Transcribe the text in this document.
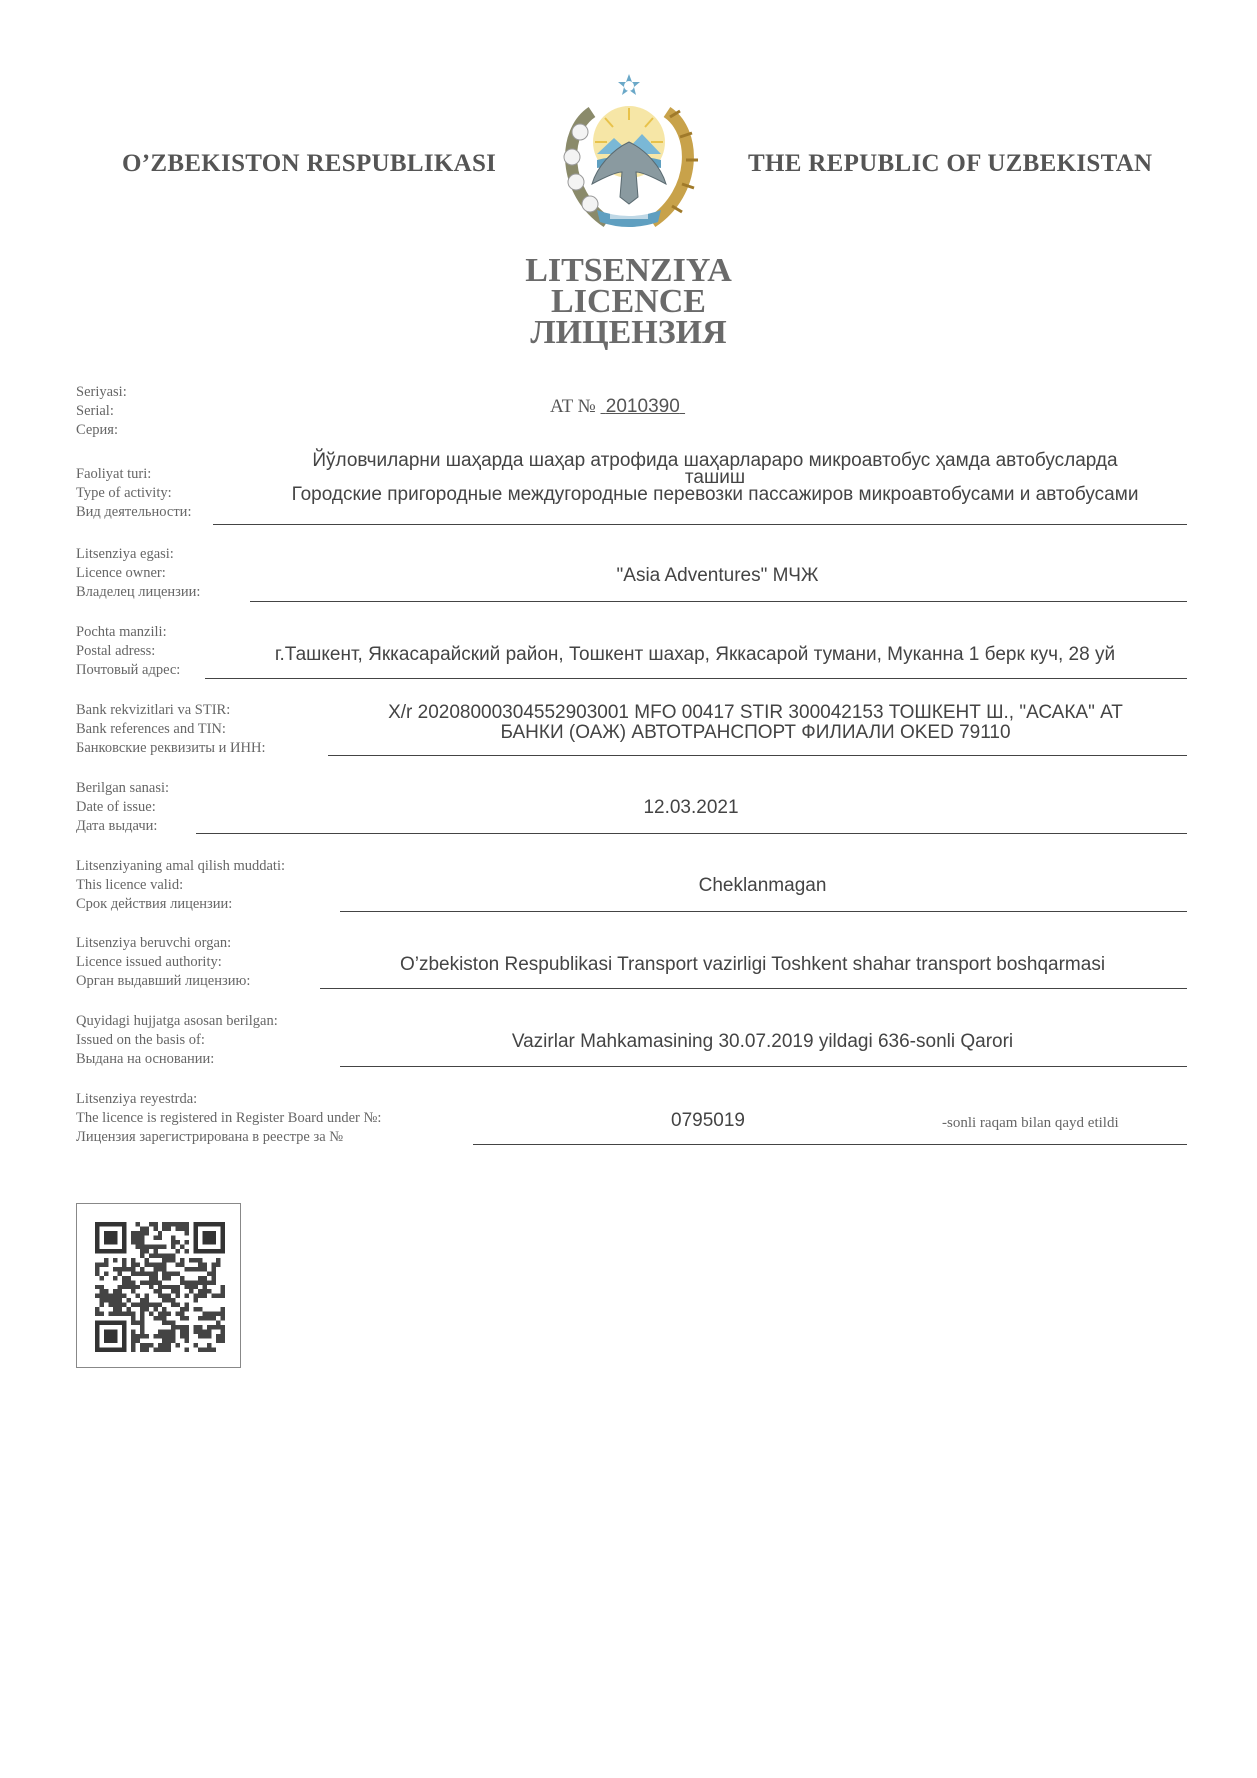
O’ZBEKISTON RESPUBLIKASI	THE REPUBLIC OF UZBEKISTAN
LITSENZIYA
LICENCE
ЛИЦЕНЗИЯ
Seriyasi:
Serial:
Серия:
AT № 2010390
Faoliyat turi:
Type of activity:
Вид деятельности:
Йўловчиларни шаҳарда шаҳар атрофида шаҳарлараро микроавтобус ҳамда автобусларда
ташиш
Городские пригородные междугородные перевозки пассажиров микроавтобусами и автобусами
Litsenziya egasi:
Licence owner:
Владелец лицензии:
"Asia Adventures" МЧЖ
Pochta manzili:
Postal adress:
Почтовый адрес:
г.Ташкент, Яккасарайский район, Тошкент шахар, Яккасарой тумани, Муканна 1 берк куч, 28 уй
Bank rekvizitlari va STIR:
Bank references and TIN:
Банковские реквизиты и ИНН:
Х/r 20208000304552903001 MFO 00417 STIR 300042153 ТОШКЕНТ Ш., "АСАКА" АТ
БАНКИ (ОАЖ) АВТОТРАНСПОРТ ФИЛИАЛИ OKED 79110
Berilgan sanasi:
Date of issue:
Дата выдачи:
12.03.2021
Litsenziyaning amal qilish muddati:
This licence valid:
Срок действия лицензии:
Cheklanmagan
Litsenziya beruvchi organ:
Licence issued authority:
Орган выдавший лицензию:
O’zbekiston Respublikasi Transport vazirligi Toshkent shahar transport boshqarmasi
Quyidagi hujjatga asosan berilgan:
Issued on the basis of:
Выдана на основании:
Vazirlar Mahkamasining 30.07.2019 yildagi 636-sonli Qarori
Litsenziya reyestrda:
The licence is registered in Register Board under №:
Лицензия зарегистрирована в реестре за №
0795019	-sonli raqam bilan qayd etildi
